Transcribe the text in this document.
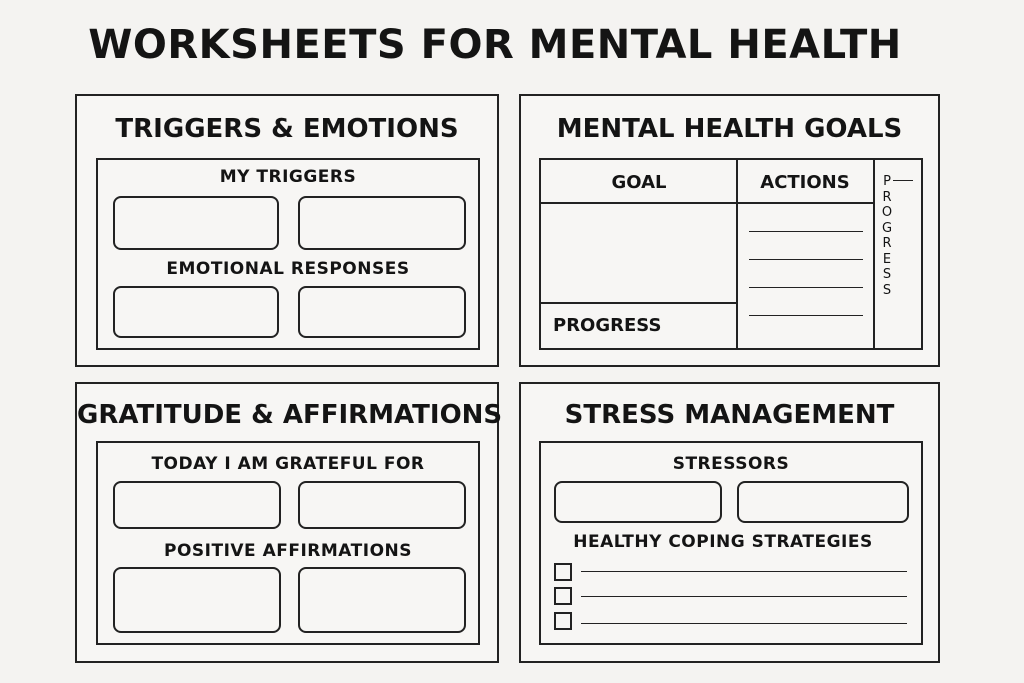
WORKSHEETS FOR MENTAL HEALTH
TRIGGERS & EMOTIONS
MY TRIGGERS
EMOTIONAL RESPONSES
MENTAL HEALTH GOALS
GOAL	ACTIONS
PROGRESS
PROGRESS
GRATITUDE & AFFIRMATIONS
TODAY I AM GRATEFUL FOR
POSITIVE AFFIRMATIONS
STRESS MANAGEMENT
STRESSORS
HEALTHY COPING STRATEGIES
